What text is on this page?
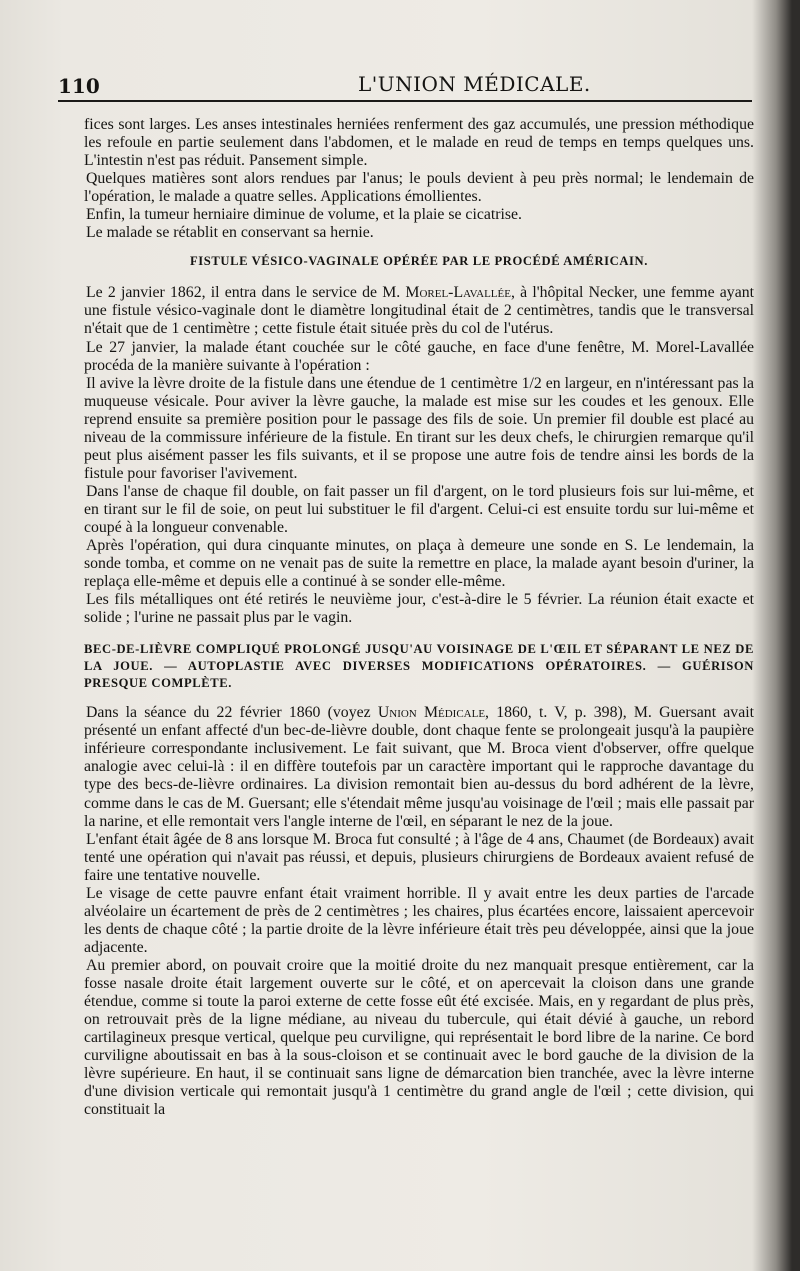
110	L'UNION MÉDICALE.

fices sont larges. Les anses intestinales herniées renferment des gaz accumulés, une pression méthodique les refoule en partie seulement dans l'abdomen, et le malade en reud de temps en temps quelques uns. L'intestin n'est pas réduit. Pansement simple.

Quelques matières sont alors rendues par l'anus; le pouls devient à peu près normal; le lendemain de l'opération, le malade a quatre selles. Applications émollientes.

Enfin, la tumeur herniaire diminue de volume, et la plaie se cicatrise.

Le malade se rétablit en conservant sa hernie.

FISTULE VÉSICO-VAGINALE OPÉRÉE PAR LE PROCÉDÉ AMÉRICAIN.

Le 2 janvier 1862, il entra dans le service de M. Morel-Lavallée, à l'hôpital Necker, une femme ayant une fistule vésico-vaginale dont le diamètre longitudinal était de 2 centimètres, tandis que le transversal n'était que de 1 centimètre ; cette fistule était située près du col de l'utérus.

Le 27 janvier, la malade étant couchée sur le côté gauche, en face d'une fenêtre, M. Morel-Lavallée procéda de la manière suivante à l'opération :

Il avive la lèvre droite de la fistule dans une étendue de 1 centimètre 1/2 en largeur, en n'intéressant pas la muqueuse vésicale. Pour aviver la lèvre gauche, la malade est mise sur les coudes et les genoux. Elle reprend ensuite sa première position pour le passage des fils de soie. Un premier fil double est placé au niveau de la commissure inférieure de la fistule. En tirant sur les deux chefs, le chirurgien remarque qu'il peut plus aisément passer les fils suivants, et il se propose une autre fois de tendre ainsi les bords de la fistule pour favoriser l'avivement.

Dans l'anse de chaque fil double, on fait passer un fil d'argent, on le tord plusieurs fois sur lui-même, et en tirant sur le fil de soie, on peut lui substituer le fil d'argent. Celui-ci est ensuite tordu sur lui-même et coupé à la longueur convenable.

Après l'opération, qui dura cinquante minutes, on plaça à demeure une sonde en S. Le lendemain, la sonde tomba, et comme on ne venait pas de suite la remettre en place, la malade ayant besoin d'uriner, la replaça elle-même et depuis elle a continué à se sonder elle-même.

Les fils métalliques ont été retirés le neuvième jour, c'est-à-dire le 5 février. La réunion était exacte et solide ; l'urine ne passait plus par le vagin.

BEC-DE-LIÈVRE COMPLIQUÉ PROLONGÉ JUSQU'AU VOISINAGE DE L'ŒIL ET SÉPARANT LE NEZ DE LA JOUE. — AUTOPLASTIE AVEC DIVERSES MODIFICATIONS OPÉRATOIRES. — GUÉRISON PRESQUE COMPLÈTE.

Dans la séance du 22 février 1860 (voyez Union Médicale, 1860, t. V, p. 398), M. Guersant avait présenté un enfant affecté d'un bec-de-lièvre double, dont chaque fente se prolongeait jusqu'à la paupière inférieure correspondante inclusivement. Le fait suivant, que M. Broca vient d'observer, offre quelque analogie avec celui-là : il en diffère toutefois par un caractère important qui le rapproche davantage du type des becs-de-lièvre ordinaires. La division remontait bien au-dessus du bord adhérent de la lèvre, comme dans le cas de M. Guersant; elle s'étendait même jusqu'au voisinage de l'œil ; mais elle passait par la narine, et elle remontait vers l'angle interne de l'œil, en séparant le nez de la joue.

L'enfant était âgée de 8 ans lorsque M. Broca fut consulté ; à l'âge de 4 ans, Chaumet (de Bordeaux) avait tenté une opération qui n'avait pas réussi, et depuis, plusieurs chirurgiens de Bordeaux avaient refusé de faire une tentative nouvelle.

Le visage de cette pauvre enfant était vraiment horrible. Il y avait entre les deux parties de l'arcade alvéolaire un écartement de près de 2 centimètres ; les chaires, plus écartées encore, laissaient apercevoir les dents de chaque côté ; la partie droite de la lèvre inférieure était très peu développée, ainsi que la joue adjacente.

Au premier abord, on pouvait croire que la moitié droite du nez manquait presque entièrement, car la fosse nasale droite était largement ouverte sur le côté, et on apercevait la cloison dans une grande étendue, comme si toute la paroi externe de cette fosse eût été excisée. Mais, en y regardant de plus près, on retrouvait près de la ligne médiane, au niveau du tubercule, qui était dévié à gauche, un rebord cartilagineux presque vertical, quelque peu curviligne, qui représentait le bord libre de la narine. Ce bord curviligne aboutissait en bas à la sous-cloison et se continuait avec le bord gauche de la division de la lèvre supérieure. En haut, il se continuait sans ligne de démarcation bien tranchée, avec la lèvre interne d'une division verticale qui remontait jusqu'à 1 centimètre du grand angle de l'œil ; cette division, qui constituait la
